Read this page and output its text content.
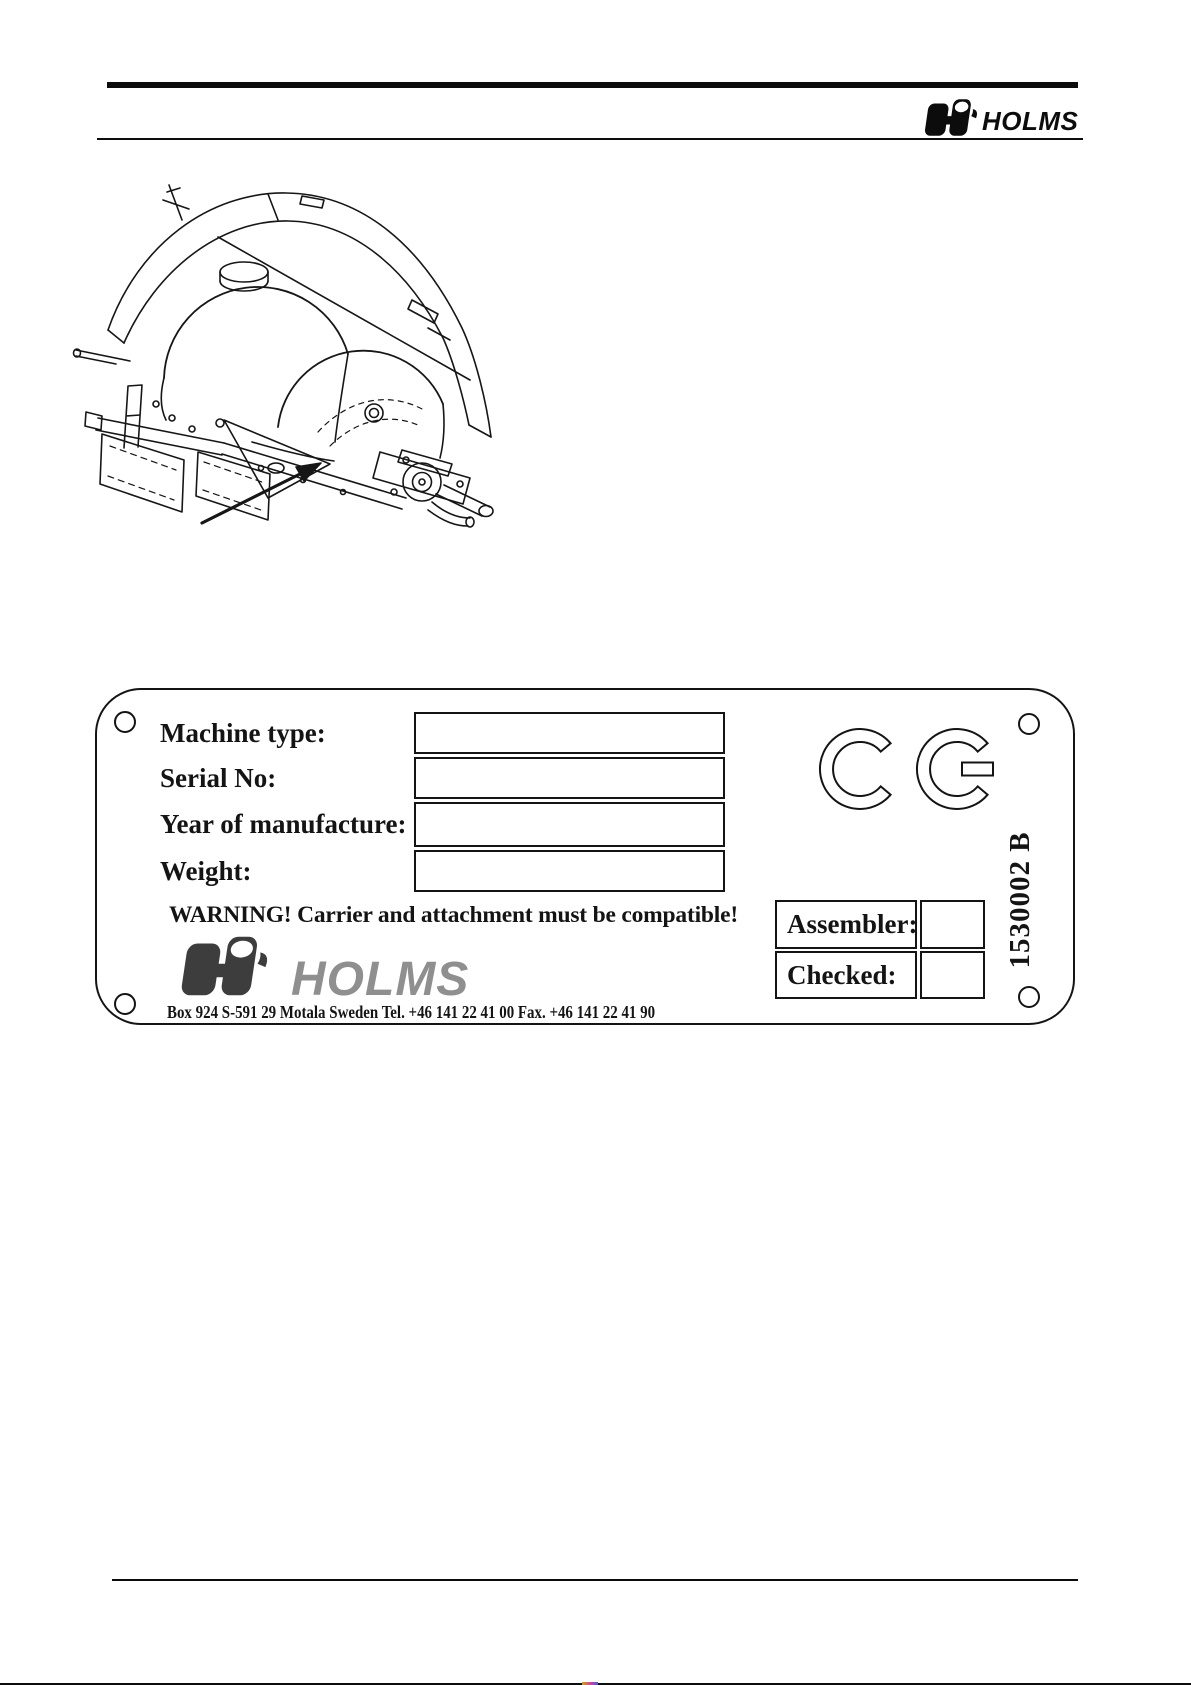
HOLMS
Machine type:
Serial No:
Year of manufacture:
Weight:
WARNING! Carrier and attachment must be compatible!
HOLMS
Box 924 S-591 29 Motala Sweden Tel. +46 141 22 41 00 Fax. +46 141 22 41 90
Assembler:
Checked:
1530002 B
